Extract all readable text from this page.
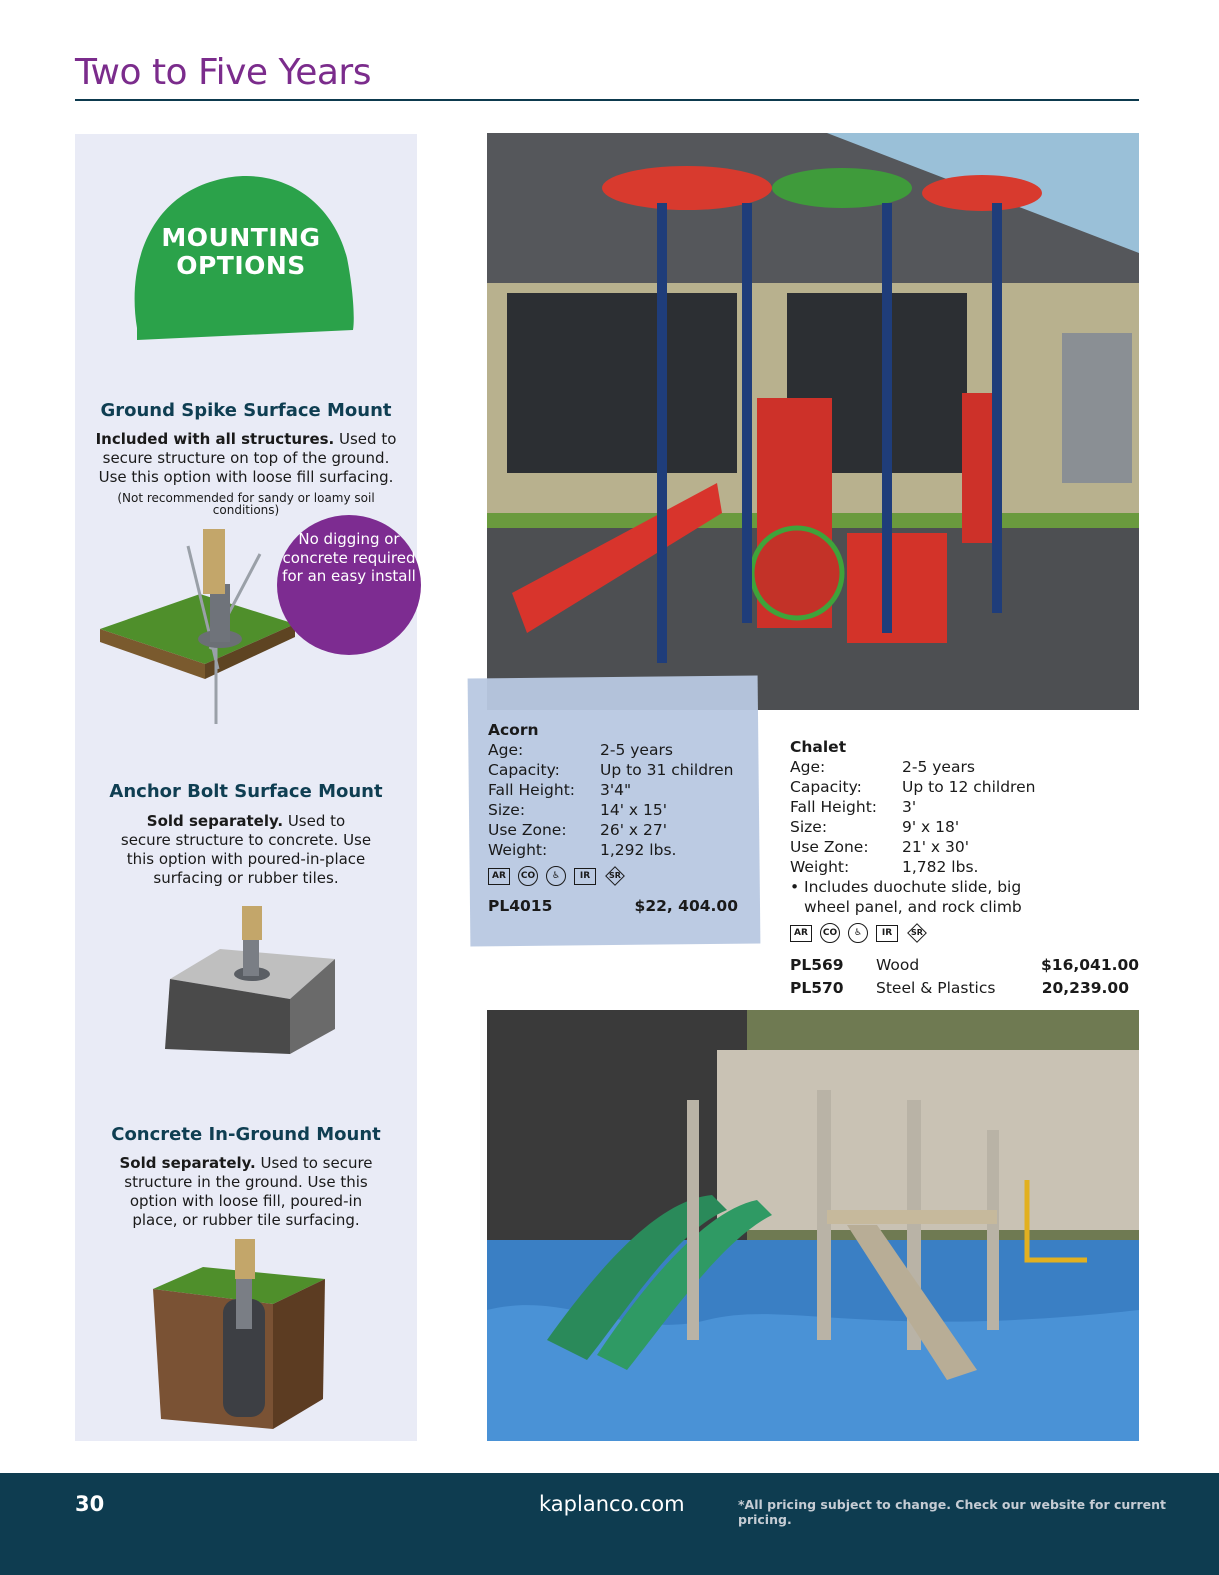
Two to Five Years
MOUNTING OPTIONS
Ground Spike Surface Mount
Included with all structures. Used to secure structure on top of the ground. Use this option with loose fill surfacing.
(Not recommended for sandy or loamy soil conditions)
No digging or concrete required for an easy install
Anchor Bolt Surface Mount
Sold separately. Used to secure structure to concrete. Use this option with poured-in-place surfacing or rubber tiles.
Concrete In-Ground Mount
Sold separately. Used to secure structure in the ground. Use this option with loose fill, poured-in place, or rubber tile surfacing.
Acorn
Age:	2-5 years
Capacity:	Up to 31 children
Fall Height:	3'4"
Size:	14' x 15'
Use Zone:	26' x 27'
Weight:	1,292 lbs.
AR	CO	♿	IR	SR
PL4015	$22, 404.00
Chalet
Age:	2-5 years
Capacity:	Up to 12 children
Fall Height:	3'
Size:	9' x 18'
Use Zone:	21' x 30'
Weight:	1,782 lbs.
• Includes duochute slide, big wheel panel, and rock climb
AR	CO	♿	IR	SR
PL569	Wood	$16,041.00
PL570	Steel & Plastics	20,239.00
30	kaplanco.com	*All pricing subject to change. Check our website for current pricing.
